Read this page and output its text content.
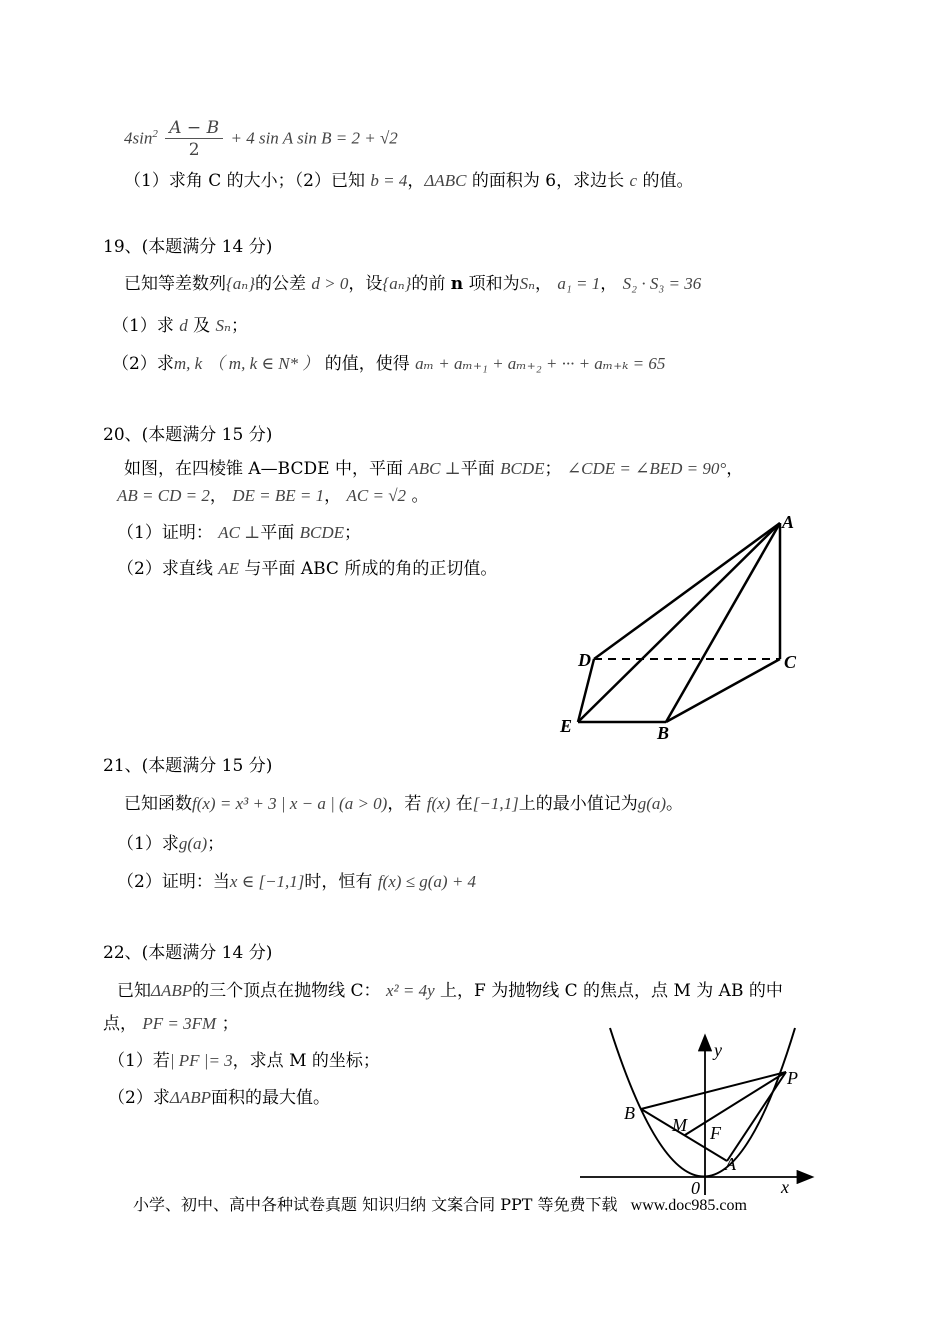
$4\sin^2 \frac{A - B}{2} + 4$ sin A sin B = 2 + √2
（1）求角 C 的大小；（2）已知 b = 4，ΔABC 的面积为 6，求边长 c 的值。
19、(本题满分 14 分)
已知等差数列{aₙ}的公差 d > 0，设{aₙ}的前 n 项和为Sₙ， a₁ = 1， S₂ · S₃ = 36
（1）求 d 及 Sₙ；
（2）求m, k （ m, k ∈ N* ） 的值，使得 aₘ + aₘ₊₁ + aₘ₊₂ + ··· + aₘ₊ₖ = 65
20、(本题满分 15 分)
如图，在四棱锥 A—BCDE 中，平面 ABC ⊥平面 BCDE； ∠CDE = ∠BED = 90°，
AB = CD = 2， DE = BE = 1， AC = √2 。
（1）证明： AC ⊥平面 BCDE；
（2）求直线 AE 与平面 ABC 所成的角的正切值。
A
D	C
E	B
21、(本题满分 15 分)
已知函数f(x) = x³ + 3 | x − a | (a > 0)，若 f(x) 在[−1,1]上的最小值记为g(a)。
（1）求g(a)；
（2）证明：当x ∈ [−1,1]时，恒有 f(x) ≤ g(a) + 4
22、(本题满分 14 分)
已知ΔABP的三个顶点在抛物线 C： x² = 4y 上，F 为抛物线 C 的焦点，点 M 为 AB 的中
点， PF = 3FM ；
（1）若| PF |= 3，求点 M 的坐标；
（2）求ΔABP面积的最大值。
y
P
B
M F
A
0	x
小学、初中、高中各种试卷真题 知识归纳 文案合同 PPT 等免费下载 www.doc985.com
